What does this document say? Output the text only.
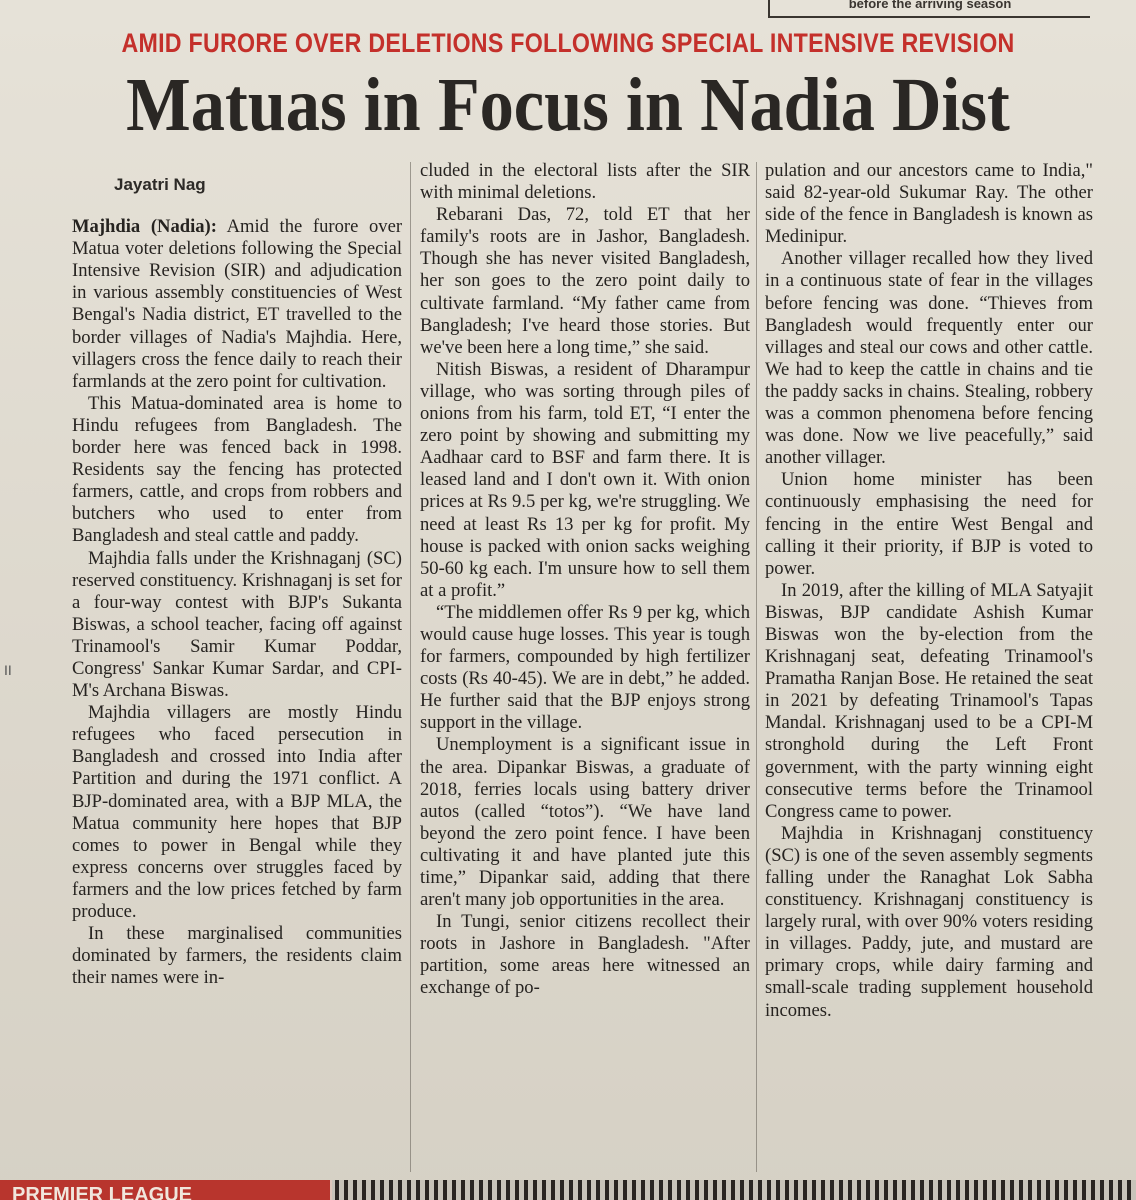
before the arriving season
AMID FURORE OVER DELETIONS FOLLOWING SPECIAL INTENSIVE REVISION
Matuas in Focus in Nadia Dist
II
Jayatri Nag

Majhdia (Nadia): Amid the furore over Matua voter deletions following the Special Intensive Revision (SIR) and adjudication in various assembly constituencies of West Bengal's Nadia district, ET travelled to the border villages of Nadia's Majhdia. Here, villagers cross the fence daily to reach their farmlands at the zero point for cultivation.

This Matua-dominated area is home to Hindu refugees from Bangladesh. The border here was fenced back in 1998. Residents say the fencing has protected farmers, cattle, and crops from robbers and butchers who used to enter from Bangladesh and steal cattle and paddy.

Majhdia falls under the Krishnaganj (SC) reserved constituency. Krishnaganj is set for a four-way contest with BJP's Sukanta Biswas, a school teacher, facing off against Trinamool's Samir Kumar Poddar, Congress' Sankar Kumar Sardar, and CPI-M's Archana Biswas.

Majhdia villagers are mostly Hindu refugees who faced persecution in Bangladesh and crossed into India after Partition and during the 1971 conflict. A BJP-dominated area, with a BJP MLA, the Matua community here hopes that BJP comes to power in Bengal while they express concerns over struggles faced by farmers and the low prices fetched by farm produce.

In these marginalised communities dominated by farmers, the residents claim their names were in-

cluded in the electoral lists after the SIR with minimal deletions.

Rebarani Das, 72, told ET that her family's roots are in Jashor, Bangladesh. Though she has never visited Bangladesh, her son goes to the zero point daily to cultivate farmland. “My father came from Bangladesh; I've heard those stories. But we've been here a long time,” she said.

Nitish Biswas, a resident of Dharampur village, who was sorting through piles of onions from his farm, told ET, “I enter the zero point by showing and submitting my Aadhaar card to BSF and farm there. It is leased land and I don't own it. With onion prices at Rs 9.5 per kg, we're struggling. We need at least Rs 13 per kg for profit. My house is packed with onion sacks weighing 50-60 kg each. I'm unsure how to sell them at a profit.”

“The middlemen offer Rs 9 per kg, which would cause huge losses. This year is tough for farmers, compounded by high fertilizer costs (Rs 40-45). We are in debt,” he added. He further said that the BJP enjoys strong support in the village.

Unemployment is a significant issue in the area. Dipankar Biswas, a graduate of 2018, ferries locals using battery driver autos (called “totos”). “We have land beyond the zero point fence. I have been cultivating it and have planted jute this time,” Dipankar said, adding that there aren't many job opportunities in the area.

In Tungi, senior citizens recollect their roots in Jashore in Bangladesh. "After partition, some areas here witnessed an exchange of po-

pulation and our ancestors came to India," said 82-year-old Sukumar Ray. The other side of the fence in Bangladesh is known as Medinipur.

Another villager recalled how they lived in a continuous state of fear in the villages before fencing was done. “Thieves from Bangladesh would frequently enter our villages and steal our cows and other cattle. We had to keep the cattle in chains and tie the paddy sacks in chains. Stealing, robbery was a common phenomena before fencing was done. Now we live peacefully,” said another villager.

Union home minister has been continuously emphasising the need for fencing in the entire West Bengal and calling it their priority, if BJP is voted to power.

In 2019, after the killing of MLA Satyajit Biswas, BJP candidate Ashish Kumar Biswas won the by-election from the Krishnaganj seat, defeating Trinamool's Pramatha Ranjan Bose. He retained the seat in 2021 by defeating Trinamool's Tapas Mandal. Krishnaganj used to be a CPI-M stronghold during the Left Front government, with the party winning eight consecutive terms before the Trinamool Congress came to power.

Majhdia in Krishnaganj constituency (SC) is one of the seven assembly segments falling under the Ranaghat Lok Sabha constituency. Krishnaganj constituency is largely rural, with over 90% voters residing in villages. Paddy, jute, and mustard are primary crops, while dairy farming and small-scale trading supplement household incomes.

PREMIER LEAGUE
